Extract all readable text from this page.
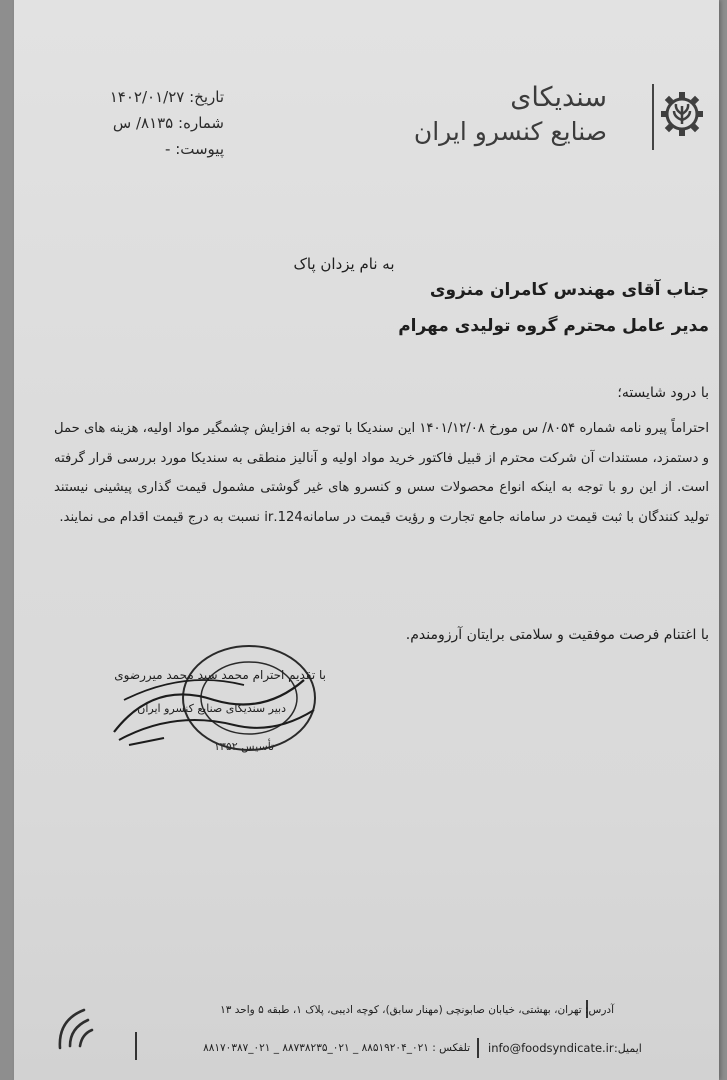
سندیکای
صنایع کنسرو ایران
تاریخ: ۱۴۰۲/۰۱/۲۷
شماره: ۸۱۳۵/ س
پیوست: -
به نام یزدان پاک
جناب آقای مهندس کامران منزوی
مدیر عامل محترم گروه تولیدی مهرام
با درود شایسته؛
احتراماً پیرو نامه شماره ۸۰۵۴/ س مورخ ۱۴۰۱/۱۲/۰۸ این سندیکا با توجه به افزایش چشمگیر مواد اولیه، هزینه های حمل و دستمزد، مستندات آن شرکت محترم از قبیل فاکتور خرید مواد اولیه و آنالیز منطقی به سندیکا مورد بررسی قرار گرفته است. از این رو با توجه به اینکه انواع محصولات سس و کنسرو های غیر گوشتی مشمول قیمت گذاری پیشینی نیستند تولید کنندگان با ثبت قیمت در سامانه جامع تجارت و رؤیت قیمت در سامانه124.ir نسبت به درج قیمت اقدام می نمایند.
با اغتنام فرصت موفقیت و سلامتی برایتان آرزومندم.
۱۳۵۲ تأسیس
با تقدیم احترام محمد سید محمد میررضوی
دبیر سندیکای صنایع کنسرو ایران
آدرس: تهران، بهشتی، خیابان صابونچی (مهنار سابق)، کوچه ادیبی، پلاک ۱، طبقه ۵ واحد ۱۳
ایمیل:
info@foodsyndicate.ir
تلفکس : ۰۲۱_۸۸۵۱۹۲۰۴ _ ۰۲۱_۸۸۷۳۸۲۳۵ _ ۰۲۱_۸۸۱۷۰۳۸۷
